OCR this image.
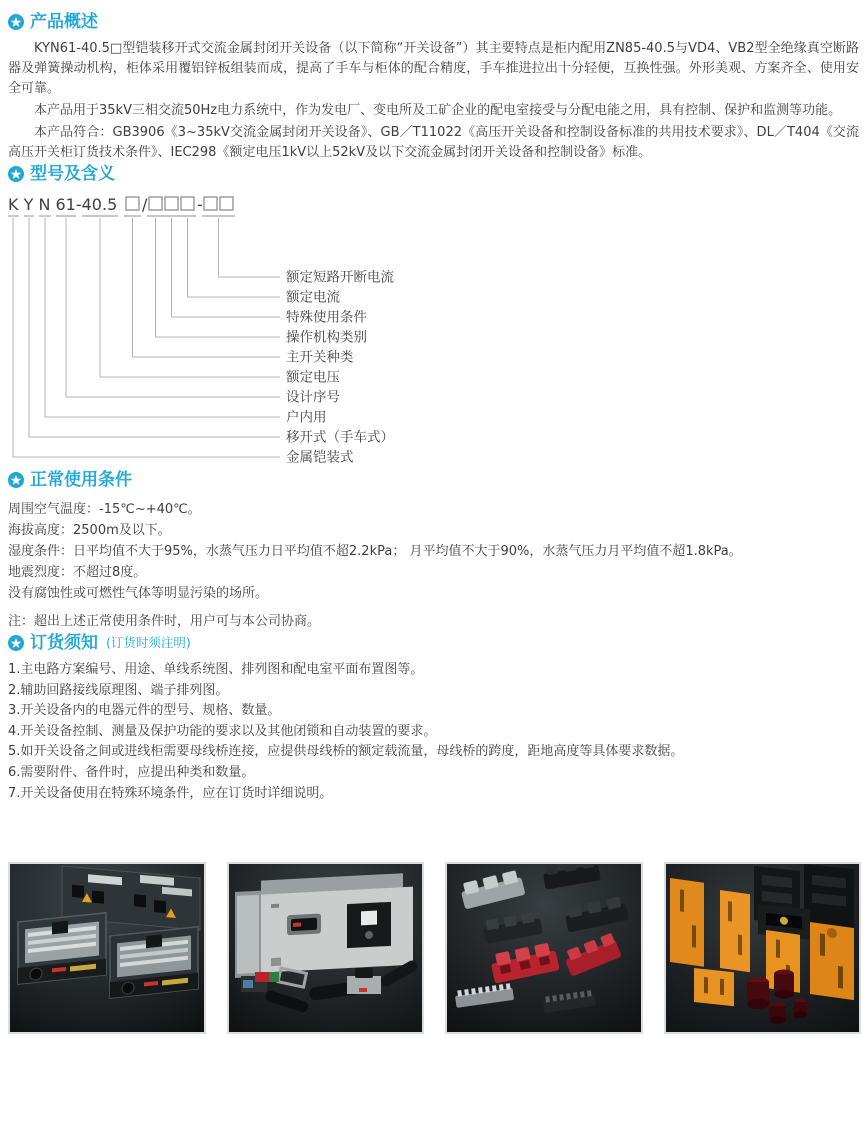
产品概述

KYN61-40.5□型铠装移开式交流金属封闭开关设备（以下简称“开关设备”）其主要特点是柜内配用ZN85-40.5与VD4、VB2型全绝缘真空断路器及弹簧操动机构，柜体采用覆铝锌板组装而成，提高了手车与柜体的配合精度，手车推进拉出十分轻便，互换性强。外形美观、方案齐全、使用安全可靠。

本产品用于35kV三相交流50Hz电力系统中，作为发电厂、变电所及工矿企业的配电室接受与分配电能之用，具有控制、保护和监测等功能。

本产品符合：GB3906《3~35kV交流金属封闭开关设备》、GB／T11022《高压开关设备和控制设备标准的共用技术要求》、DL／T404《交流高压开关柜订货技术条件》、IEC298《额定电压1kV以上52kV及以下交流金属封闭开关设备和控制设备》标准。

型号及含义
K Y N 61-40.5 /	-
额定短路开断电流
额定电流
特殊使用条件
操作机构类别
主开关种类
额定电压
设计序号
户内用
移开式（手车式）
金属铠装式
正常使用条件
周围空气温度：-15℃~+40℃。
海拔高度：2500m及以下。
湿度条件：日平均值不大于95%，水蒸气压力日平均值不超2.2kPa； 月平均值不大于90%，水蒸气压力月平均值不超1.8kPa。
地震烈度：不超过8度。
没有腐蚀性或可燃性气体等明显污染的场所。
注：超出上述正常使用条件时，用户可与本公司协商。
订货须知 (订货时须注明)
1.主电路方案编号、用途、单线系统图、排列图和配电室平面布置图等。
2.辅助回路接线原理图、端子排列图。
3.开关设备内的电器元件的型号、规格、数量。
4.开关设备控制、测量及保护功能的要求以及其他闭锁和自动装置的要求。
5.如开关设备之间或进线柜需要母线桥连接，应提供母线桥的额定载流量，母线桥的跨度，距地高度等具体要求数据。
6.需要附件、备件时，应提出种类和数量。
7.开关设备使用在特殊环境条件，应在订货时详细说明。
